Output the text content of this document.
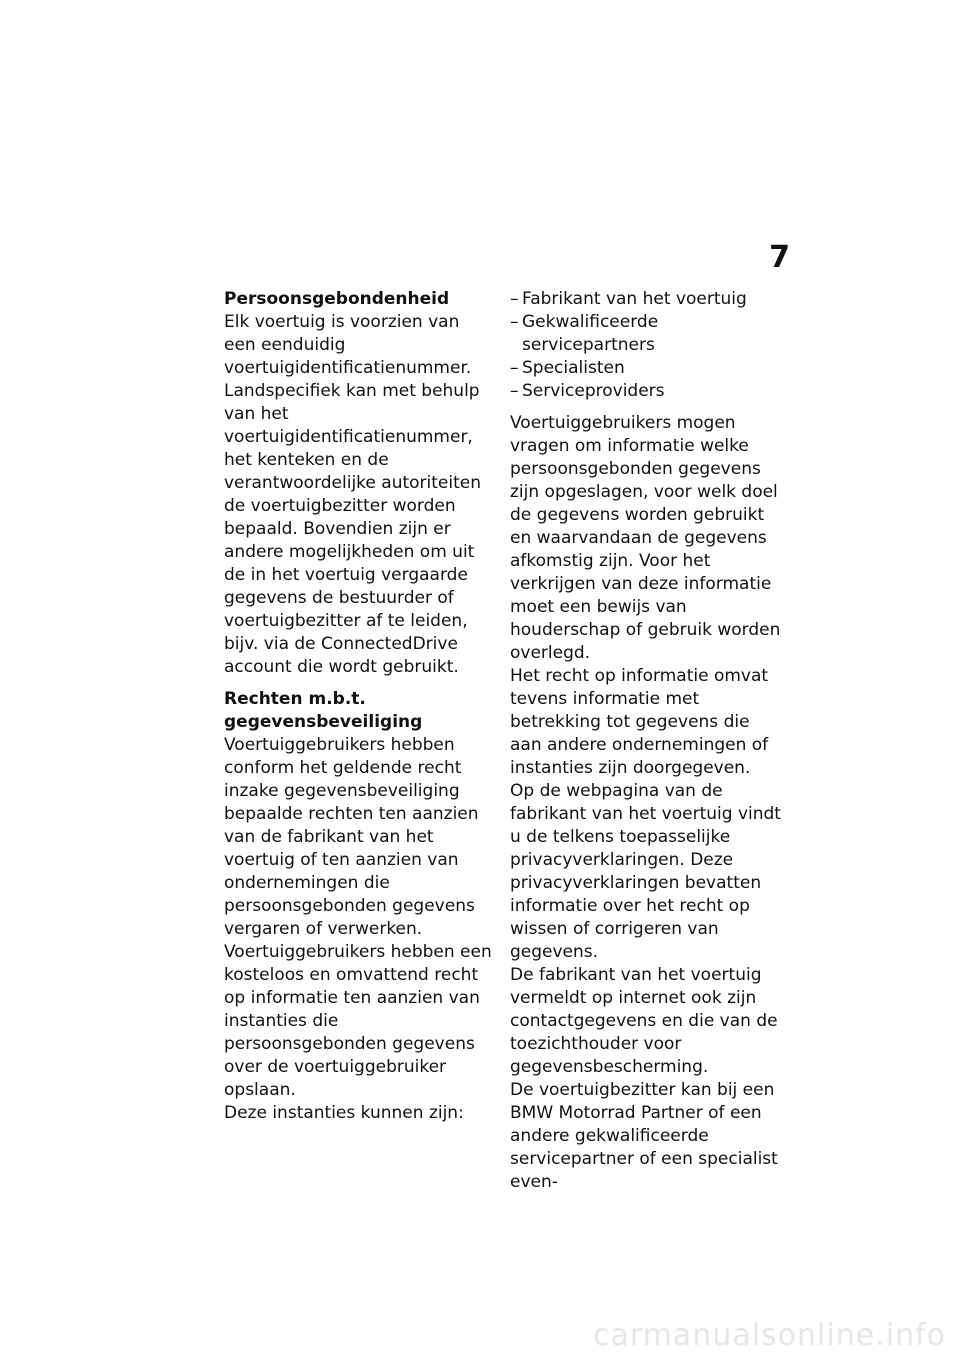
7

Persoonsgebondenheid

Elk voertuig is voorzien van een eenduidig voertuigidentificatienummer. Landspecifiek kan met behulp van het voertuigidentificatienummer, het kenteken en de verantwoordelijke autoriteiten de voertuigbezitter worden bepaald. Bovendien zijn er andere mogelijkheden om uit de in het voertuig vergaarde gegevens de bestuurder of voertuigbezitter af te leiden, bijv. via de ConnectedDrive account die wordt gebruikt.

Rechten m.b.t. gegevensbeveiliging

Voertuiggebruikers hebben conform het geldende recht inzake gegevensbeveiliging bepaalde rechten ten aanzien van de fabrikant van het voertuig of ten aanzien van ondernemingen die persoonsgebonden gegevens vergaren of verwerken.

Voertuiggebruikers hebben een kosteloos en omvattend recht op informatie ten aanzien van instanties die persoonsgebonden gegevens over de voertuiggebruiker opslaan.

Deze instanties kunnen zijn:

– Fabrikant van het voertuig
– Gekwalificeerde servicepartners
– Specialisten
– Serviceproviders

Voertuiggebruikers mogen vragen om informatie welke persoonsgebonden gegevens zijn opgeslagen, voor welk doel de gegevens worden gebruikt en waarvandaan de gegevens afkomstig zijn. Voor het verkrijgen van deze informatie moet een bewijs van houderschap of gebruik worden overlegd.

Het recht op informatie omvat tevens informatie met betrekking tot gegevens die aan andere ondernemingen of instanties zijn doorgegeven.

Op de webpagina van de fabrikant van het voertuig vindt u de telkens toepasselijke privacyverklaringen. Deze privacyverklaringen bevatten informatie over het recht op wissen of corrigeren van gegevens.

De fabrikant van het voertuig vermeldt op internet ook zijn contactgegevens en die van de toezichthouder voor gegevensbescherming.

De voertuigbezitter kan bij een BMW Motorrad Partner of een andere gekwalificeerde servicepartner of een specialist even-

carmanualsonline.info
